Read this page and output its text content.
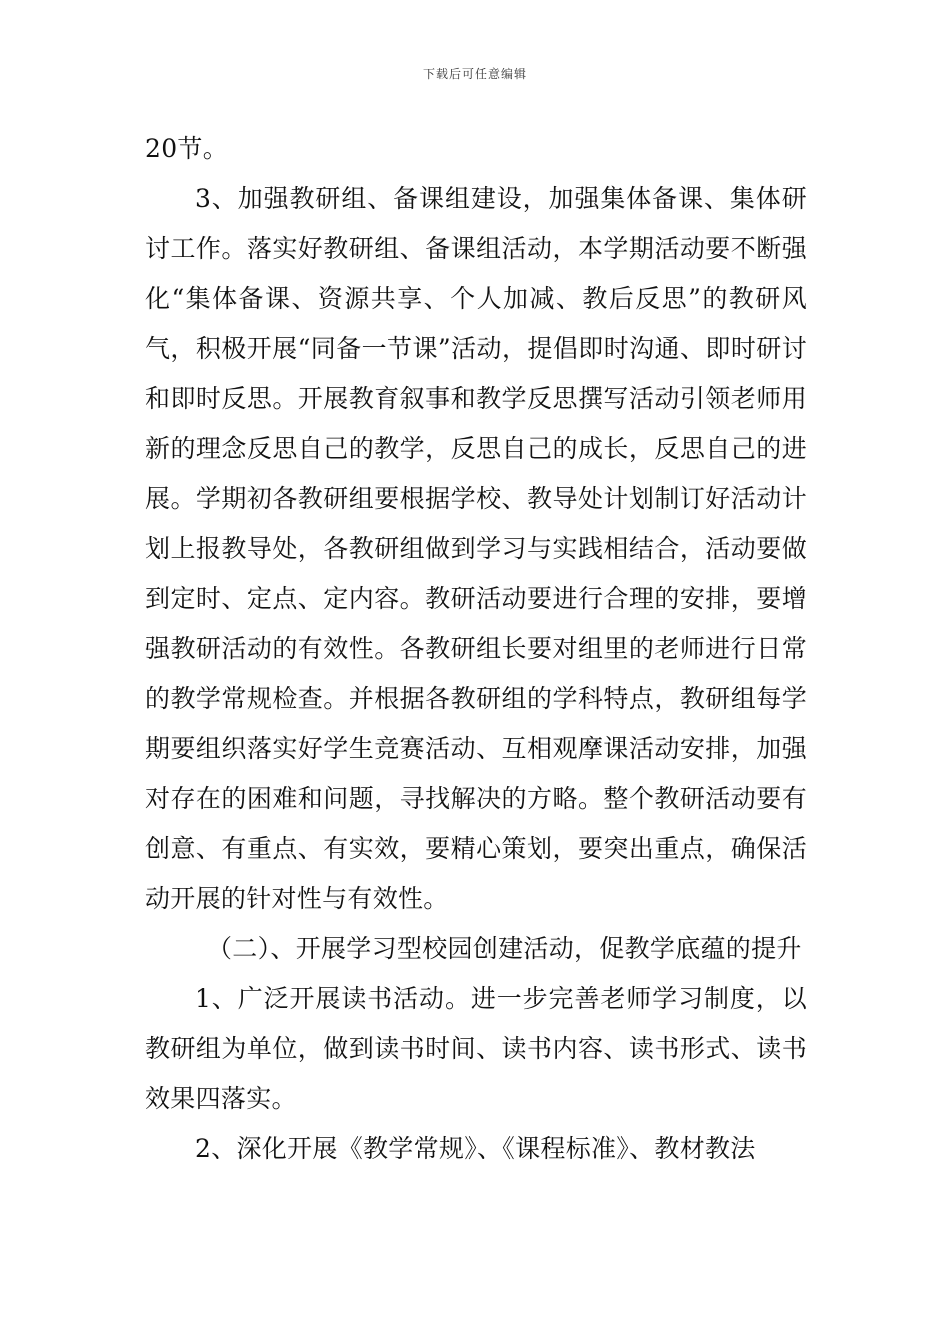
下载后可任意编辑

20节。

3、加强教研组、备课组建设，加强集体备课、集体研讨工作。落实好教研组、备课组活动，本学期活动要不断强化“集体备课、资源共享、个人加减、教后反思”的教研风气，积极开展“同备一节课”活动，提倡即时沟通、即时研讨和即时反思。开展教育叙事和教学反思撰写活动引领老师用新的理念反思自己的教学，反思自己的成长，反思自己的进展。学期初各教研组要根据学校、教导处计划制订好活动计划上报教导处，各教研组做到学习与实践相结合，活动要做到定时、定点、定内容。教研活动要进行合理的安排，要增强教研活动的有效性。各教研组长要对组里的老师进行日常的教学常规检查。并根据各教研组的学科特点，教研组每学期要组织落实好学生竞赛活动、互相观摩课活动安排，加强对存在的困难和问题，寻找解决的方略。整个教研活动要有创意、有重点、有实效，要精心策划，要突出重点，确保活动开展的针对性与有效性。

（二）、开展学习型校园创建活动，促教学底蕴的提升

1、广泛开展读书活动。进一步完善老师学习制度，以教研组为单位，做到读书时间、读书内容、读书形式、读书效果四落实。

2、深化开展《教学常规》、《课程标准》、教材教法
